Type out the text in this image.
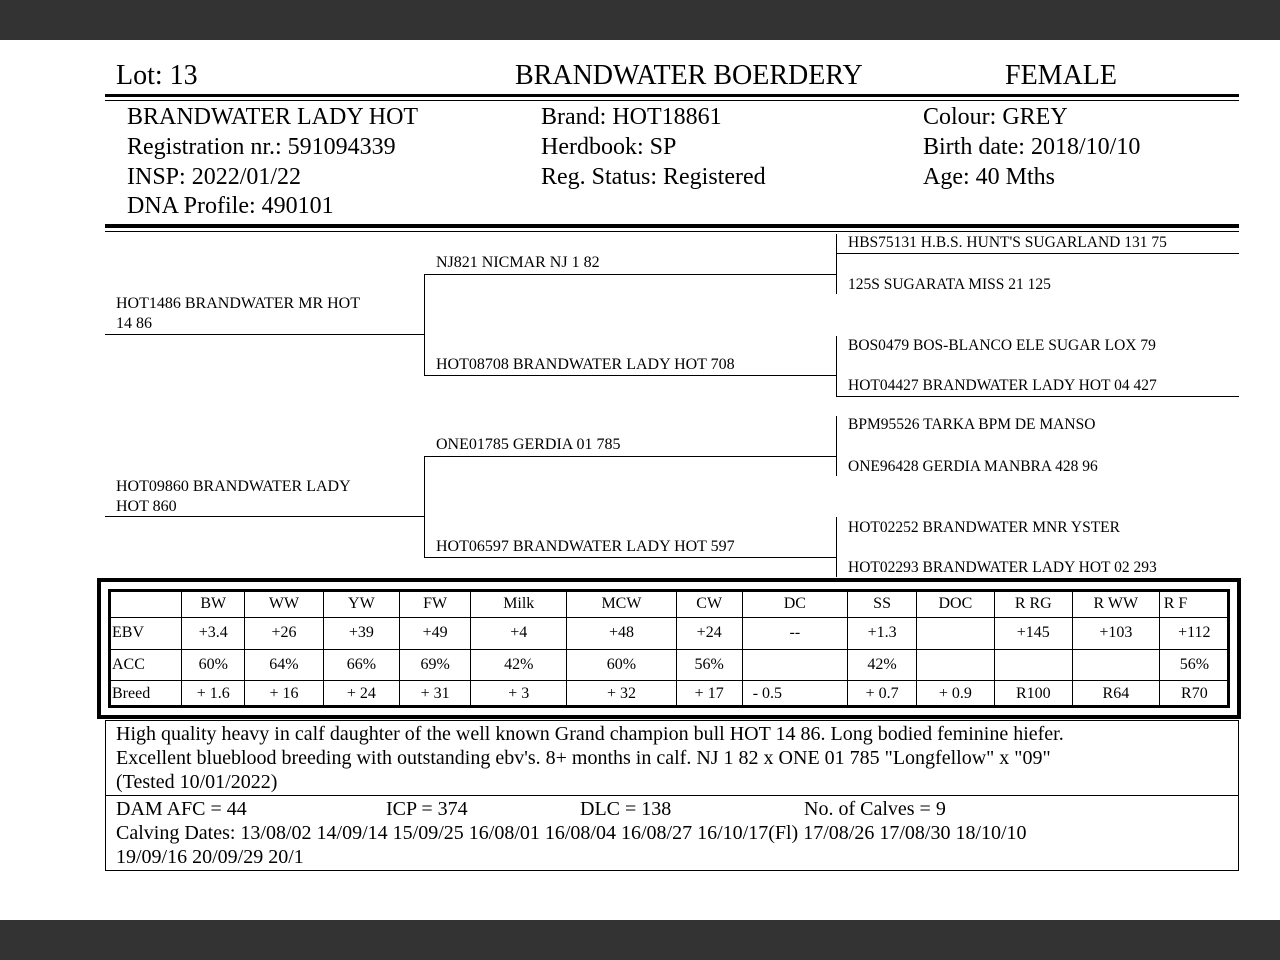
Lot: 13	BRANDWATER BOERDERY	FEMALE
BRANDWATER LADY HOT
Registration nr.: 591094339
INSP: 2022/01/22
DNA Profile: 490101
Brand: HOT18861
Herdbook: SP
Reg. Status: Registered
Colour: GREY
Birth date: 2018/10/10
Age: 40 Mths
HOT1486 BRANDWATER MR HOT
14 86
HOT09860 BRANDWATER LADY
HOT 860
NJ821 NICMAR NJ 1 82
HOT08708 BRANDWATER LADY HOT 708
ONE01785 GERDIA 01 785
HOT06597 BRANDWATER LADY HOT 597
HBS75131 H.B.S. HUNT'S SUGARLAND 131 75
125S SUGARATA MISS 21 125
BOS0479 BOS-BLANCO ELE SUGAR LOX 79
HOT04427 BRANDWATER LADY HOT 04 427
BPM95526 TARKA BPM DE MANSO
ONE96428 GERDIA MANBRA 428 96
HOT02252 BRANDWATER MNR YSTER
HOT02293 BRANDWATER LADY HOT 02 293
	BW	WW	YW	FW	Milk	MCW	CW	DC	SS	DOC	R RG	R WW	R F
EBV	+3.4	+26	+39	+49	+4	+48	+24	--	+1.3		+145	+103	+112
ACC	60%	64%	66%	69%	42%	60%	56%		42%				56%
Breed	+ 1.6	+ 16	+ 24	+ 31	+ 3	+ 32	+ 17	- 0.5	+ 0.7	+ 0.9	R100	R64	R70
High quality heavy in calf daughter of the well known Grand champion bull HOT 14 86. Long bodied feminine hiefer.
Excellent blueblood breeding with outstanding ebv's. 8+ months in calf. NJ 1 82 x ONE 01 785 "Longfellow" x "09"
(Tested 10/01/2022)
DAM AFC = 44	ICP = 374	DLC = 138	No. of Calves = 9
Calving Dates: 13/08/02 14/09/14 15/09/25 16/08/01 16/08/04 16/08/27 16/10/17(Fl) 17/08/26 17/08/30 18/10/10
19/09/16 20/09/29 20/1
